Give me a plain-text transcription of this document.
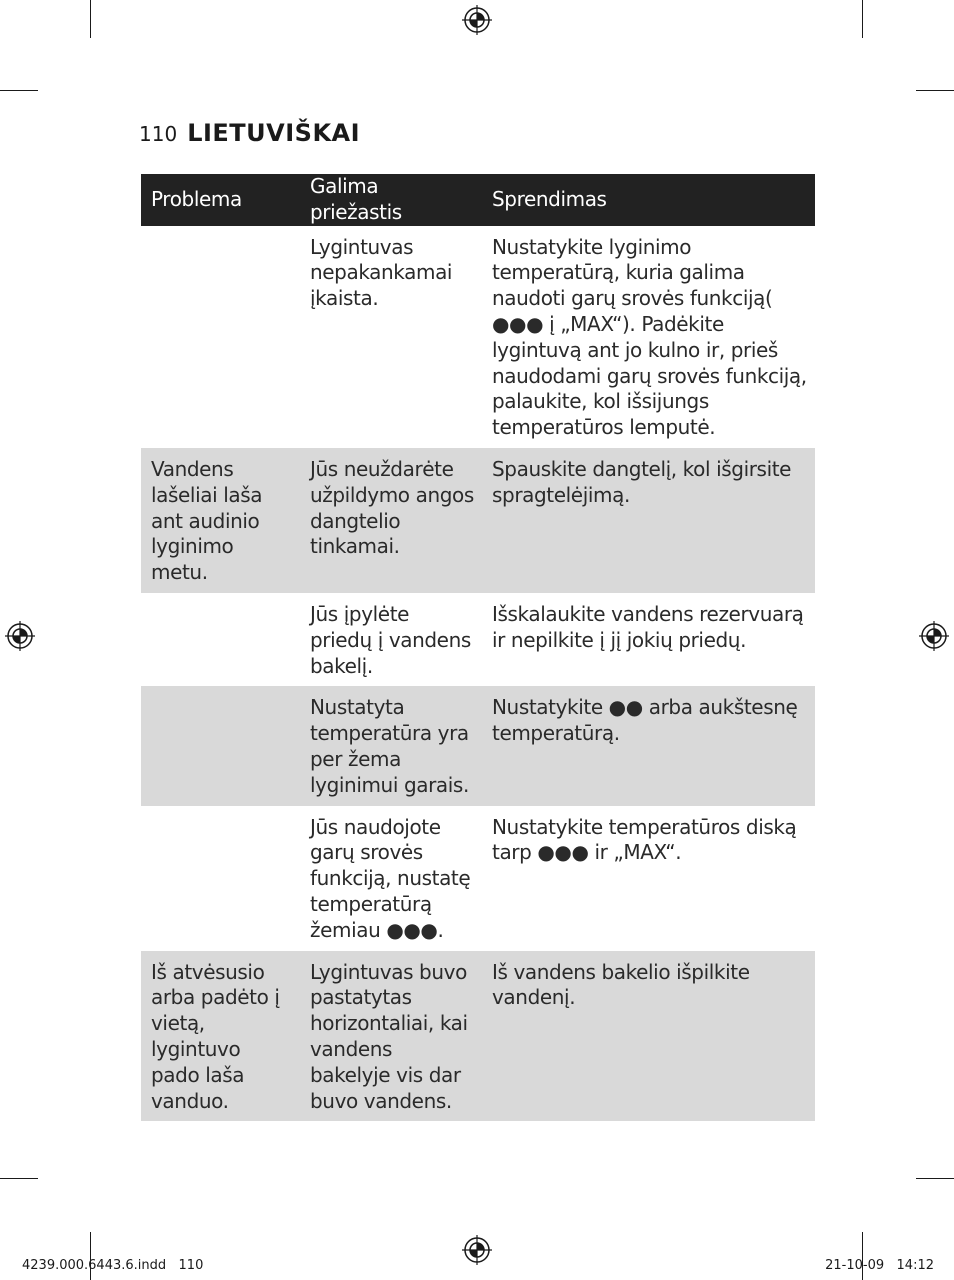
110 LIETUVIŠKAI
Problema	Galima priežastis	Sprendimas
	Lygintuvas nepakankamai įkaista.	Nustatykite lyginimo temperatūrą, kuria galima naudoti garų srovės funkciją( ●●● į „MAX“). Padėkite lygintuvą ant jo kulno ir, prieš naudodami garų srovės funkciją, palaukite, kol išsijungs temperatūros lemputė.
Vandens lašeliai laša ant audinio lyginimo metu.	Jūs neuždarėte užpildymo angos dangtelio tinkamai.	Spauskite dangtelį, kol išgirsite spragtelėjimą.
	Jūs įpylėte priedų į vandens bakelį.	Išskalaukite vandens rezervuarą ir nepilkite į jį jokių priedų.
	Nustatyta temperatūra yra per žema lyginimui garais.	Nustatykite ●● arba aukštesnę temperatūrą.
	Jūs naudojote garų srovės funkciją, nustatę temperatūrą žemiau ●●●.	Nustatykite temperatūros diską tarp ●●● ir „MAX“.
Iš atvėsusio arba padėto į vietą, lygintuvo pado laša vanduo.	Lygintuvas buvo pastatytas horizontaliai, kai vandens bakelyje vis dar buvo vandens.	Iš vandens bakelio išpilkite vandenį.
4239.000.6443.6.indd   110	21-10-09   14:12
